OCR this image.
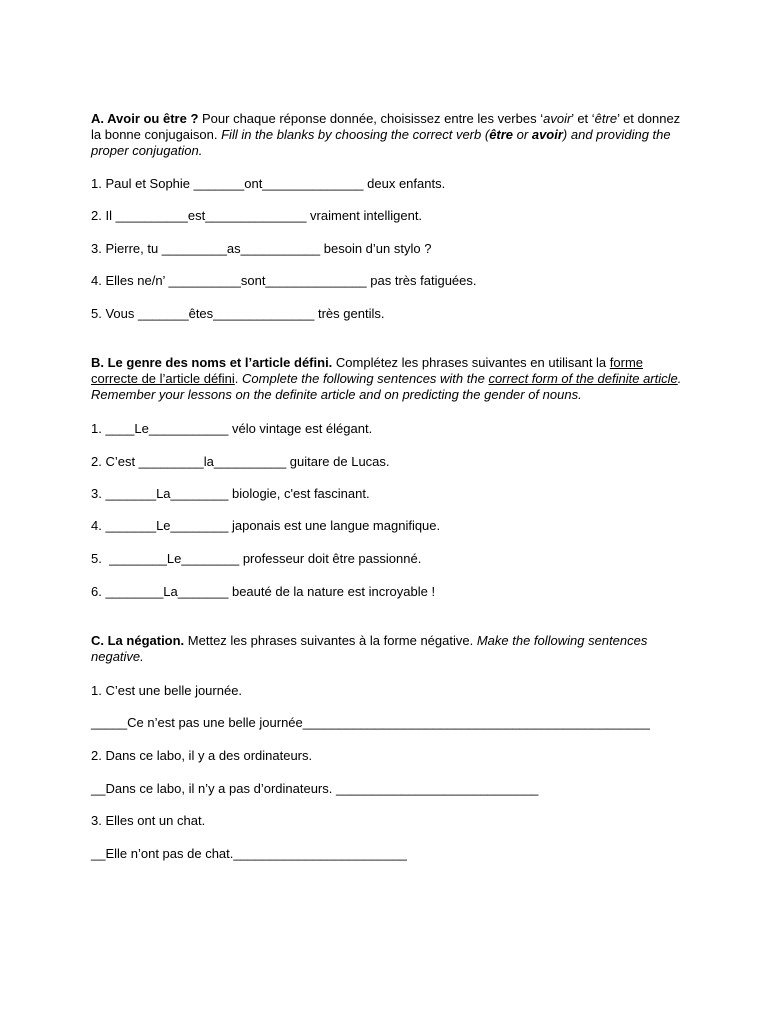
A. Avoir ou être ? Pour chaque réponse donnée, choisissez entre les verbes ‘avoir’ et ‘être’ et donnez la bonne conjugaison. Fill in the blanks by choosing the correct verb (être or avoir) and providing the proper conjugation.
1. Paul et Sophie _______ont______________ deux enfants.
2. Il __________est______________ vraiment intelligent.
3. Pierre, tu _________as___________ besoin d’un stylo ?
4. Elles ne/n’ __________sont______________ pas très fatiguées.
5. Vous _______êtes______________ très gentils.
B. Le genre des noms et l’article défini. Complétez les phrases suivantes en utilisant la forme correcte de l’article défini. Complete the following sentences with the correct form of the definite article. Remember your lessons on the definite article and on predicting the gender of nouns.
1. ____Le___________ vélo vintage est élégant.
2. C’est _________la__________ guitare de Lucas.
3. _______La________ biologie, c'est fascinant.
4. _______Le________ japonais est une langue magnifique.
5.  ________Le________ professeur doit être passionné.
6. ________La_______ beauté de la nature est incroyable !
C. La négation. Mettez les phrases suivantes à la forme négative. Make the following sentences negative.
1. C’est une belle journée.
_____Ce n’est pas une belle journée________________________________________________
2. Dans ce labo, il y a des ordinateurs.
__Dans ce labo, il n’y a pas d’ordinateurs. ____________________________
3. Elles ont un chat.
__Elle n’ont pas de chat.________________________
